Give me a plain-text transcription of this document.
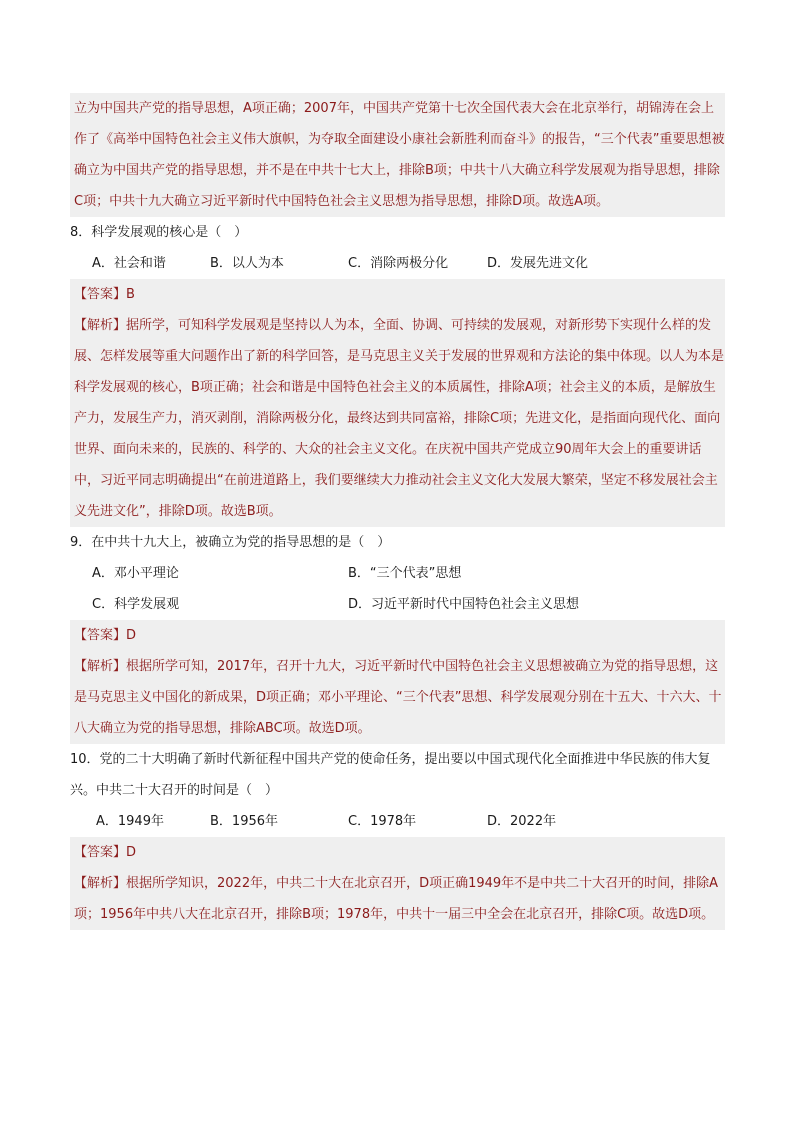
立为中国共产党的指导思想，A项正确；2007年，中国共产党第十七次全国代表大会在北京举行，胡锦涛在会上作了《高举中国特色社会主义伟大旗帜，为夺取全面建设小康社会新胜利而奋斗》的报告，“三个代表”重要思想被确立为中国共产党的指导思想，并不是在中共十七大上，排除B项；中共十八大确立科学发展观为指导思想，排除C项；中共十九大确立习近平新时代中国特色社会主义思想为指导思想，排除D项。故选A项。

8．科学发展观的核心是（　）

A．社会和谐	B．以人为本	C．消除两极分化	D．发展先进文化

【答案】B

【解析】据所学，可知科学发展观是坚持以人为本，全面、协调、可持续的发展观，对新形势下实现什么样的发展、怎样发展等重大问题作出了新的科学回答，是马克思主义关于发展的世界观和方法论的集中体现。以人为本是科学发展观的核心，B项正确；社会和谐是中国特色社会主义的本质属性，排除A项；社会主义的本质，是解放生产力，发展生产力，消灭剥削，消除两极分化，最终达到共同富裕，排除C项；先进文化，是指面向现代化、面向世界、面向未来的，民族的、科学的、大众的社会主义文化。在庆祝中国共产党成立90周年大会上的重要讲话中，习近平同志明确提出“在前进道路上，我们要继续大力推动社会主义文化大发展大繁荣，坚定不移发展社会主义先进文化”，排除D项。故选B项。

9．在中共十九大上，被确立为党的指导思想的是（　）

A．邓小平理论	B．“三个代表”思想
C．科学发展观	D．习近平新时代中国特色社会主义思想

【答案】D

【解析】根据所学可知，2017年，召开十九大，习近平新时代中国特色社会主义思想被确立为党的指导思想，这是马克思主义中国化的新成果，D项正确；邓小平理论、“三个代表”思想、科学发展观分别在十五大、十六大、十八大确立为党的指导思想，排除ABC项。故选D项。

10．党的二十大明确了新时代新征程中国共产党的使命任务，提出要以中国式现代化全面推进中华民族的伟大复兴。中共二十大召开的时间是（　）

A．1949年	B．1956年	C．1978年	D．2022年

【答案】D

【解析】根据所学知识，2022年，中共二十大在北京召开，D项正确1949年不是中共二十大召开的时间，排除A项；1956年中共八大在北京召开，排除B项；1978年，中共十一届三中全会在北京召开，排除C项。故选D项。
